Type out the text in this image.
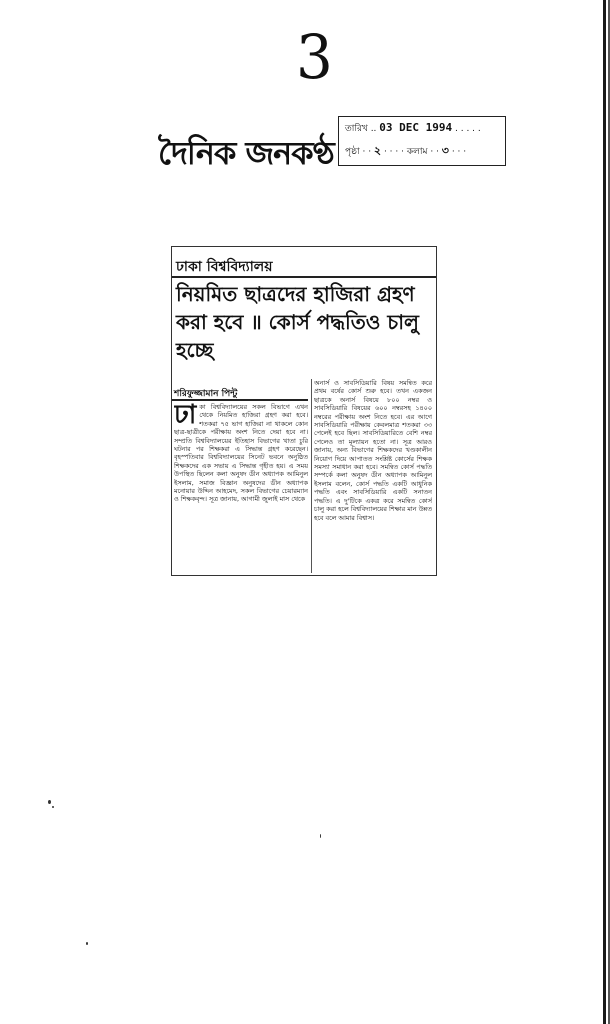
3
দৈনিক জনকণ্ঠ
তারিখ .. 03 DEC 1994 . . . . .
পৃষ্ঠা · · ২ · · · · কলাম · · ৩ · · ·
ঢাকা বিশ্ববিদ্যালয়
নিয়মিত ছাত্রদের হাজিরা গ্রহণ করা হবে ॥ কোর্স পদ্ধতিও চালু হচ্ছে
শরিফুজ্জামান পিন্টু
ঢা কা বিশ্ববিদ্যালয়ের সকল বিভাগে এখন থেকে নিয়মিত হাজিরা গ্রহণ করা হবে। শতকরা ৭৫ ভাগ হাজিরা না থাকলে কোন ছাত্র-ছাত্রীকে পরীক্ষায় অংশ নিতে দেয়া হবে না। সম্প্রতি বিশ্ববিদ্যালয়ের ইতিহাস বিভাগের খাতা চুরি ঘটনার পর শিক্ষকরা এ সিদ্ধান্ত গ্রহণ করেছেন। বৃহস্পতিবার বিশ্ববিদ্যালয়ের সিনেট ভবনে অনুষ্ঠিত শিক্ষকদের এক সভায় এ সিদ্ধান্ত গৃহীত হয়। এ সময় উপস্থিত ছিলেন কলা অনুষদ ডীন অধ্যাপক আমিনুল ইসলাম, সমাজ বিজ্ঞান অনুষদের ডীন অধ্যাপক মনোয়ার উদ্দিন আহমেদ, সকল বিভাগের চেয়ারম্যান ও শিক্ষকবৃন্দ। সূত্র জানায়, আগামী জুলাই মাস থেকে
অনার্স ও সাবসিডিয়ারি বিষয় সমন্বিত করে প্রথম বর্ষের কোর্স শুরু হবে। তখন একজন ছাত্রকে অনার্স বিষয়ে ৮০০ নম্বর ও সাবসিডিয়ারি বিষয়ের ৬০০ নম্বরসহ ১৪০০ নম্বরের পরীক্ষায় অংশ নিতে হবে। এর আগে সাবসিডিয়ারি পরীক্ষায় কেবলমাত্র শতকরা ৩৩ পেলেই হবে ছিল। সাবসিডিয়ারিতে বেশি নম্বর পেলেও তা মূল্যায়ন হতো না। সূত্র আরও জানায়, অন্য বিভাগের শিক্ষকদের খণ্ডকালীন নিয়োগ দিয়ে আপাতত সংশ্লিষ্ট কোর্সের শিক্ষক সমস্যা সমাধান করা হবে। সমন্বিত কোর্স পদ্ধতি সম্পর্কে কলা অনুষদ ডীন অধ্যাপক আমিনুল ইসলাম বলেন, কোর্স পদ্ধতি একটি আধুনিক পদ্ধতি এবং সাবসিডিয়ারি একটি সনাতন পদ্ধতি। এ দু'টিকে একত্র করে সমন্বিত কোর্স চালু করা হলে বিশ্ববিদ্যালয়ের শিক্ষার মান উন্নত হবে বলে আমার বিশ্বাস।
